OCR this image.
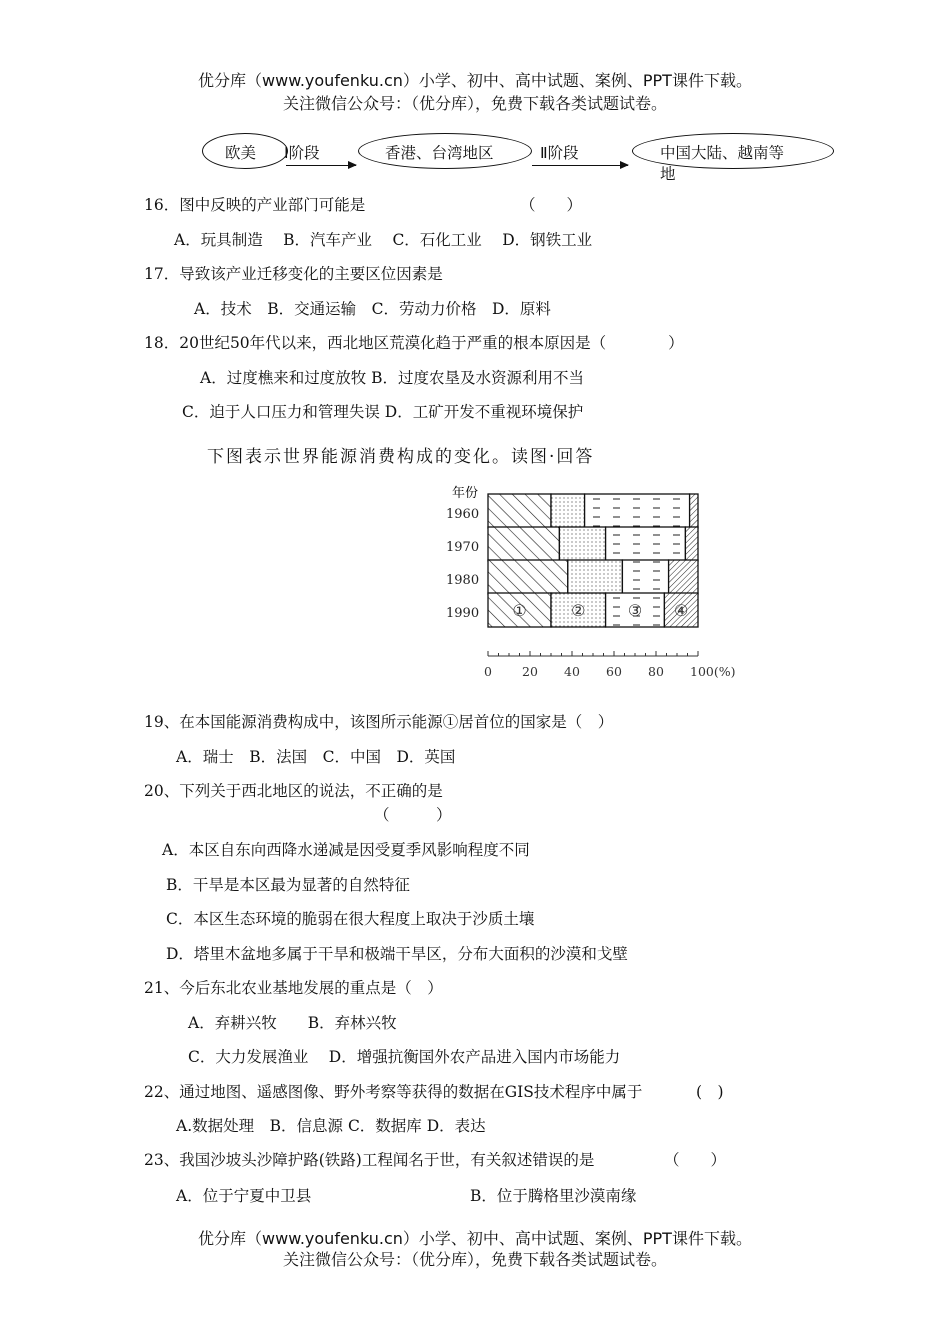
优分库（www.youfenku.cn）小学、初中、高中试题、案例、PPT课件下载。
关注微信公众号：（优分库），免费下载各类试题试卷。
欧美 Ⅰ阶段	香港、台湾地区	Ⅱ阶段	中国大陆、越南等
地
16．图中反映的产业部门可能是	（　　）
A．玩具制造　 B．汽车产业　 C．石化工业　 D．钢铁工业
17．导致该产业迁移变化的主要区位因素是
A．技术　B．交通运输　C．劳动力价格　D．原料
18．20世纪50年代以来，西北地区荒漠化趋于严重的根本原因是（　　　　）
A．过度樵来和过度放牧 B．过度农垦及水资源利用不当
C．迫于人口压力和管理失误 D．工矿开发不重视环境保护
下图表示世界能源消费构成的变化。读图·回答
年份
1960
1970
1980
1990 ①	②	③ ④
0 20 40 60 80 100(%)
19、在本国能源消费构成中，该图所示能源①居首位的国家是（　）
A．瑞士　B．法国　C．中国　D．英国
20、下列关于西北地区的说法，不正确的是
（　　　）
A．本区自东向西降水递减是因受夏季风影响程度不同
B．干旱是本区最为显著的自然特征
C．本区生态环境的脆弱在很大程度上取决于沙质土壤
D．塔里木盆地多属于干旱和极端干旱区，分布大面积的沙漠和戈壁
21、今后东北农业基地发展的重点是（　）
A．弃耕兴牧　　B．弃林兴牧
C．大力发展渔业　 D．增强抗衡国外农产品进入国内市场能力
22、通过地图、遥感图像、野外考察等获得的数据在GIS技术程序中属于	(　)
A.数据处理　B．信息源 C．数据库 D．表达
23、我国沙坡头沙障护路(铁路)工程闻名于世，有关叙述错误的是	（　　）
A．位于宁夏中卫县	B．位于腾格里沙漠南缘
优分库（www.youfenku.cn）小学、初中、高中试题、案例、PPT课件下载。
关注微信公众号：（优分库），免费下载各类试题试卷。
